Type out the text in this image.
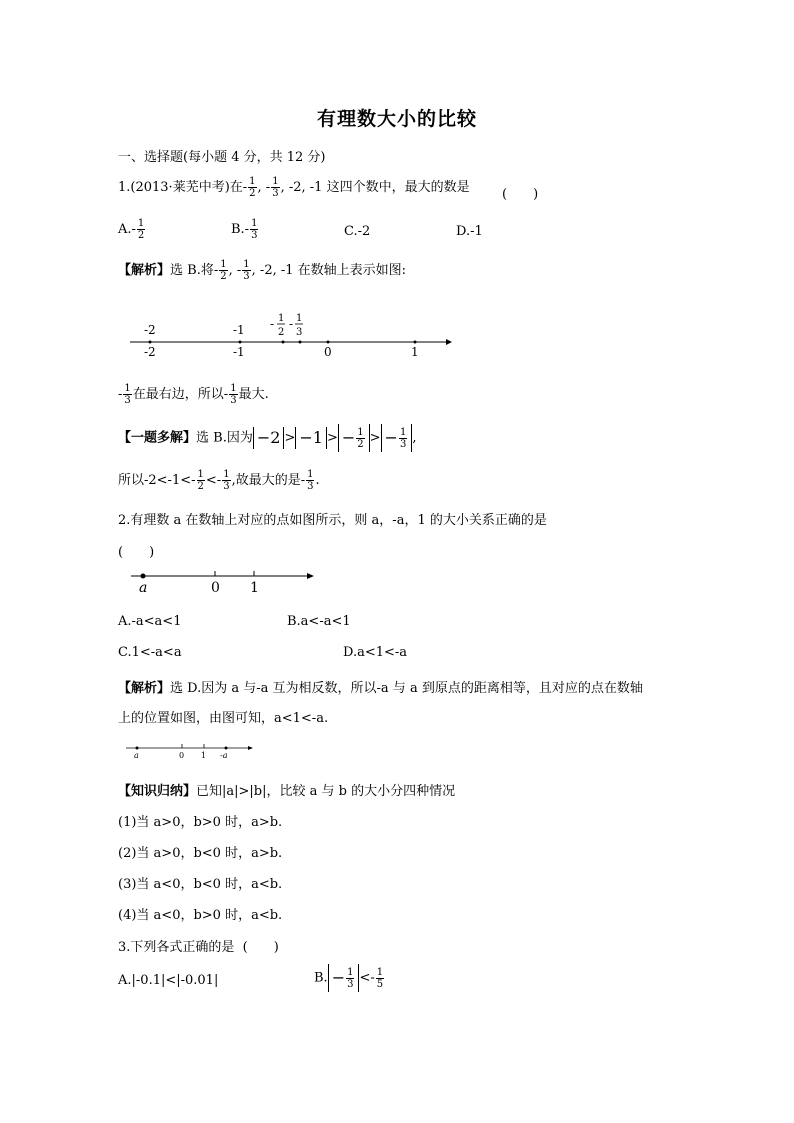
有理数大小的比较
一、选择题(每小题 4 分，共 12 分)
1.(2013·莱芜中考)在- $\frac{1}{2}$ , - $\frac{1}{3}$ , -2, -1 这四个数中，最大的数是 (　　)
$A.- \frac{1}{2}$	$B.- \frac{1}{3}$	C.-2	D.-1
【解析】选 B.将- $\frac{1}{2}$ , - $\frac{1}{3}$ , -2, -1 在数轴上表示如图:
-2	-1 - 1
2
- 1
3
-2	-1	0	1
- $\frac{1}{3}$ 在最右边，所以- $\frac{1}{3}$ 最大.
【一题多解】选 B.因为 −2 > −1 > − $\frac{1}{2}$ > − $\frac{1}{3}$ ,
所以$-2<-1<- \frac{1}{2} <- \frac{1}{3}$ ,故最大的是- $\frac{1}{3}$ .
2.有理数 a 在数轴上对应的点如图所示，则 a，-a，1 的大小关系正确的是
(　　)
a	0 1
A.-a<a<1	B.a<-a<1
C.1<-a<a	D.a<1<-a
【解析】选 D.因为 a 与-a 互为相反数，所以-a 与 a 到原点的距离相等，且对应的点在数轴
上的位置如图，由图可知，a<1<-a.
a	0 1 -a
【知识归纳】已知|a|>|b|，比较 a 与 b 的大小分四种情况
(1)当 a>0，b>0 时，a>b.
(2)当 a>0，b<0 时，a>b.
(3)当 a<0，b<0 时，a<b.
(4)当 a<0，b>0 时，a<b.
3.下列各式正确的是 (　　)
A.|-0.1|<|-0.01|	B. − $\frac{1}{3} <- \frac{1}{5}$
